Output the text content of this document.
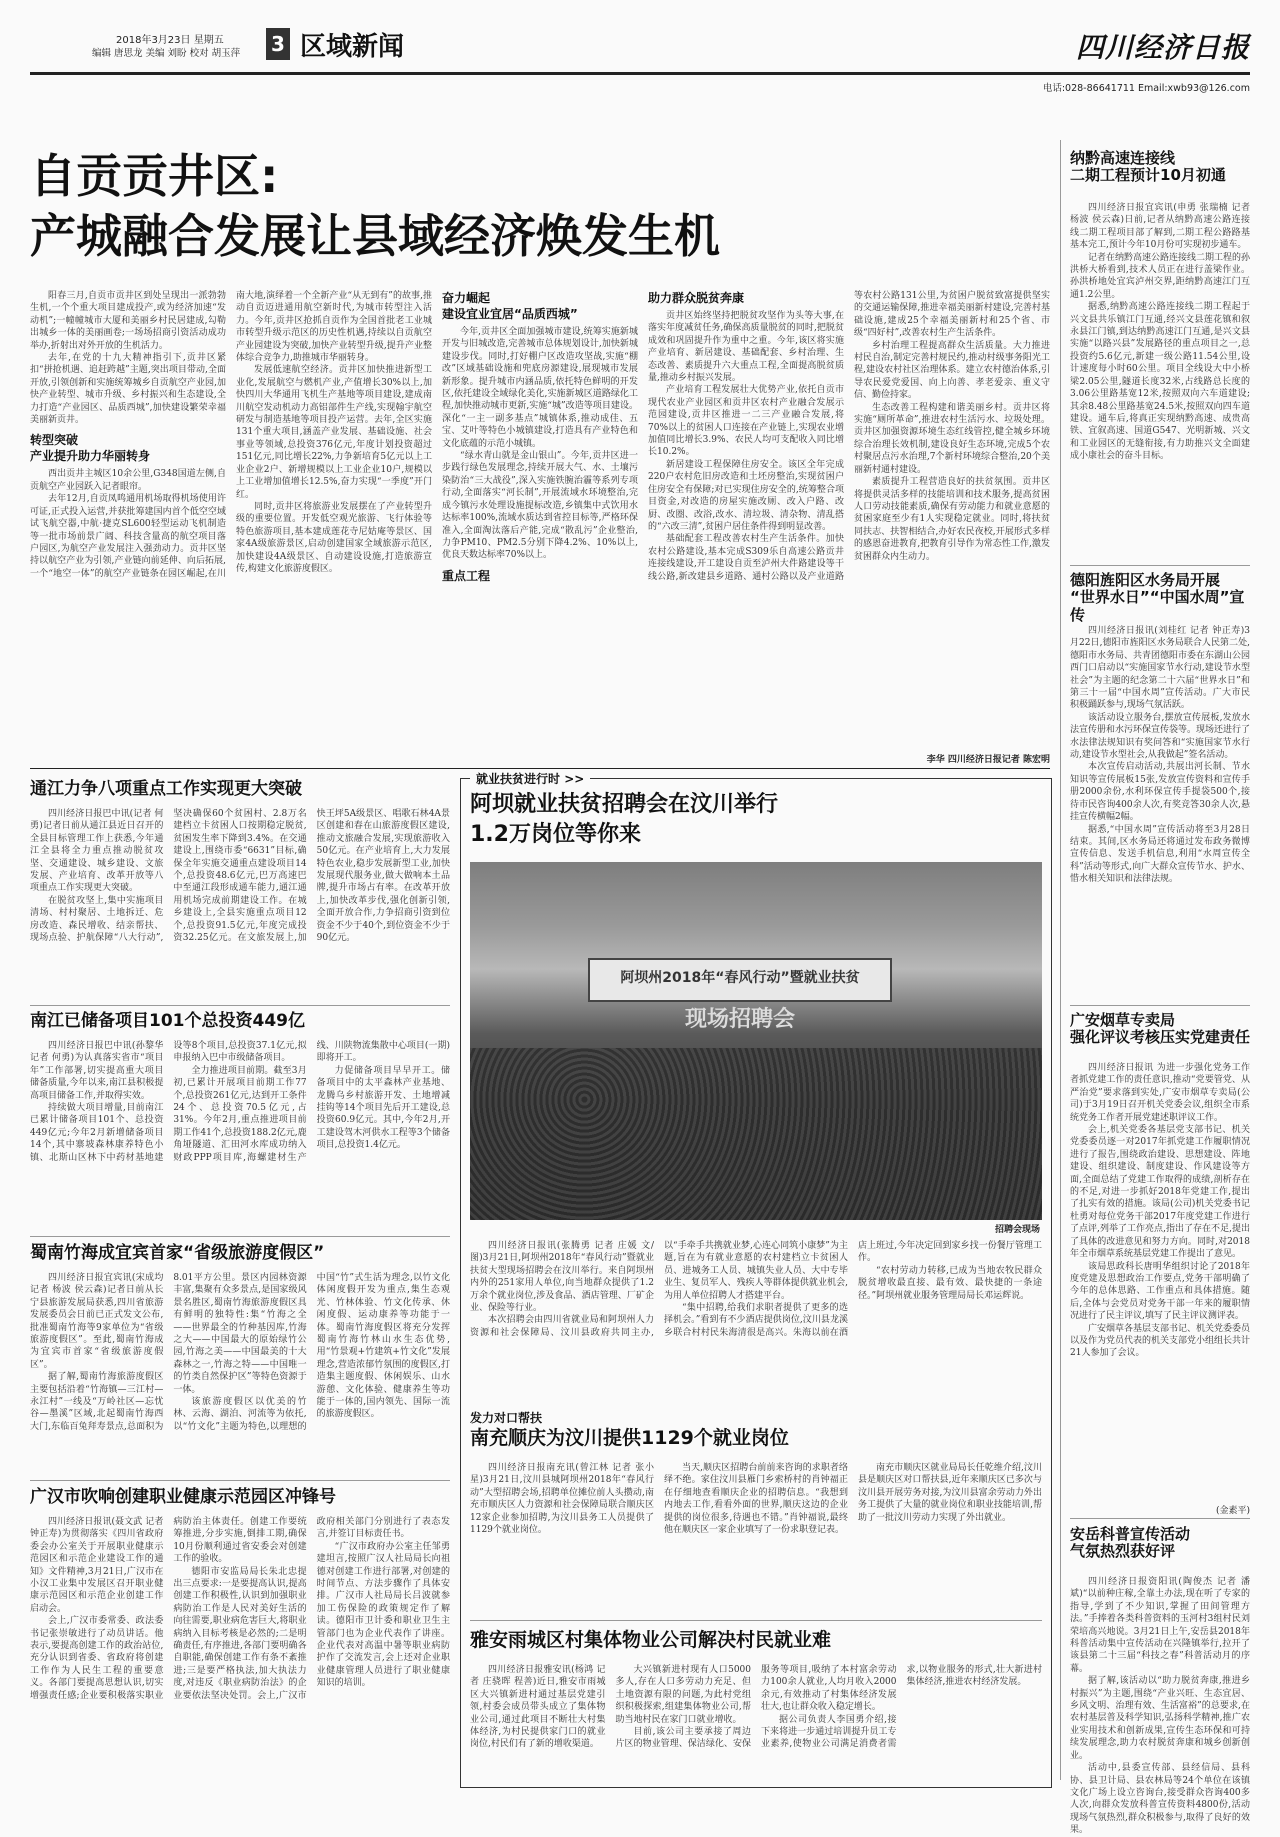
2018年3月23日 星期五
编辑 唐思龙 美编 刘盼 校对 胡玉萍	3 区域新闻	四川经济日报
电话:028-86641711 Email:xwb93@126.com
自贡贡井区:
产城融合发展让县域经济焕发生机

阳春三月,自贡市贡井区到处呈现出一派勃勃生机,一个个重大项目建成投产,或为经济加速“发动机”;一幢幢城市大厦和美丽乡村民居建成,勾勒出城乡一体的美丽画卷;一场场招商引资活动成功举办,折射出对外开放的生机活力。

去年,在党的十九大精神指引下,贡井区紧扣“拼抢机遇、追赶跨越”主题,突出项目带动,全面开放,引领创新和实施统筹城乡自贡航空产业园,加快产业转型、城市升级、乡村振兴和生态建设,全力打造“产业园区、品质西城”,加快建设繁荣幸福美丽新贡井。

转型突破
产业提升助力华丽转身

西出贡井主城区10余公里,G348国道左侧,自贡航空产业园跃入记者眼帘。

去年12月,自贡凤鸣通用机场取得机场使用许可证,正式投入运营,并获批筹建国内首个低空空域试飞航空器,中航·捷克SL600轻型运动飞机制造等一批市场前景广阔、科技含量高的航空项目落户园区,为航空产业发展注入强劲动力。贡井区坚持以航空产业为引领,产业链向前延伸、向后拓展,一个“地空一体”的航空产业链条在园区崛起,在川南大地,演绎着一个全新产业“从无到有”的故事,推动自贡迈进通用航空新时代,为城市转型注入活力。今年,贡井区抢抓自贡作为全国首批老工业城市转型升级示范区的历史性机遇,持续以自贡航空产业园建设为突破,加快产业转型升级,提升产业整体综合竞争力,助推城市华丽转身。

发展低速航空经济。贡井区加快推进新型工业化,发展航空与燃机产业,产值增长30%以上,加快四川大华通用飞机生产基地等项目建设,建成南川航空发动机动力高铝部件生产线,实现翰宇航空研发与制造基地等项目投产运营。去年,全区实施131个重大项目,涵盖产业发展、基础设施、社会事业等领域,总投资376亿元,年度计划投资超过151亿元,同比增长22%,力争新培育5亿元以上工业企业2户、新增规模以上工业企业10户,规模以上工业增加值增长12.5%,奋力实现“一季度”开门红。

同时,贡井区将旅游业发展摆在了产业转型升级的重要位置。开发低空观光旅游、飞行体验等特色旅游项目,基本建成莲花寺尼姑庵等景区、国家4A级旅游景区,启动创建国家全域旅游示范区,加快建设4A级景区、自动建设设施,打造旅游宣传,构建文化旅游度假区。

奋力崛起
建设宜业宜居“品质西城”

今年,贡井区全面加强城市建设,统筹实施新城开发与旧城改造,完善城市总体规划设计,加快新城建设步伐。同时,打好棚户区改造攻坚战,实施“棚改”区域基础设施和兜底房源建设,展现城市发展新形象。提升城市内涵品质,依托特色鲜明的开发区,依托建设全域绿化美化,实施新城区道路绿化工程,加快推动城市更新,实施“城”改造等项目建设。深化“一主一副多基点”城镇体系,推动成佳、五宝、艾叶等特色小城镇建设,打造具有产业特色和文化底蕴的示范小城镇。

“绿水青山就是金山银山”。今年,贡井区进一步践行绿色发展理念,持续开展大气、水、土壤污染防治“三大战役”,深入实施铁腕治霾等系列专项行动,全面落实“河长制”,开展流域水环境整治,完成今镇污水处理设施提标改造,乡镇集中式饮用水达标率100%,流域水质达到省控目标等,严格环保准入,全面淘汰落后产能,完成“散乱污”企业整治,力争PM10、PM2.5分别下降4.2%、10%以上,优良天数达标率70%以上。

重点工程
助力群众脱贫奔康

贡井区始终坚持把脱贫攻坚作为头等大事,在落实年度减贫任务,确保高质量脱贫的同时,把脱贫成效和巩固提升作为重中之重。今年,该区将实施产业培育、新居建设、基础配套、乡村治理、生态改善、素质提升六大重点工程,全面提高脱贫质量,推动乡村振兴发展。

产业培育工程发展壮大优势产业,依托自贡市现代农业产业园区和贡井区农村产业融合发展示范园建设,贡井区推进一二三产业融合发展,将70%以上的贫困人口连接在产业链上,实现农业增加值同比增长3.9%、农民人均可支配收入同比增长10.2%。

新居建设工程保障住房安全。该区全年完成220户农村危旧房改造和土坯房整治,实现贫困户住房安全有保障;对已实现住房安全的,统筹整合项目资金,对改造的房屋实施改厕、改入户路、改厨、改圈、改浴,改水、清垃圾、清杂物、清乱搭的“六改三清”,贫困户居住条件得到明显改善。

基础配套工程改善农村生产生活条件。加快农村公路建设,基本完成S309乐自高速公路贡井连接线建设,开工建设自贡至泸州大件路建设等干线公路,新改建县乡道路、通村公路以及产业道路等农村公路131公里,为贫困户脱贫致富提供坚实的交通运输保障,推进幸福美丽新村建设,完善村基础设施,建成25个幸福美丽新村和25个省、市级“四好村”,改善农村生产生活条件。

乡村治理工程提高群众生活质量。大力推进村民自治,制定完善村规民约,推动村级事务阳光工程,建设农村社区治理体系。建立农村德治体系,引导农民爱党爱国、向上向善、孝老爱亲、重义守信、勤俭持家。

生态改善工程构建和谐美丽乡村。贡井区将实施“厕所革命”,推进农村生活污水、垃圾处理。贡井区加强资源环境生态红线管控,健全城乡环境综合治理长效机制,建设良好生态环境,完成5个农村聚居点污水治理,7个新村环境综合整治,20个美丽新村通村建设。

素质提升工程营造良好的扶贫氛围。贡井区将提供灵活多样的技能培训和技术服务,提高贫困人口劳动技能素质,确保有劳动能力和就业意愿的贫困家庭至少有1人实现稳定就业。同时,将扶贫同扶志、扶智相结合,办好农民夜校,开展形式多样的感恩奋进教育,把教育引导作为常态性工作,激发贫困群众内生动力。

李华 四川经济日报记者 陈宏明
纳黔高速连接线
二期工程预计10月初通

四川经济日报宜宾讯(申勇 张瑞楠 记者 杨波 侯云森)日前,记者从纳黔高速公路连接线二期工程项目部了解到,二期工程公路路基基本完工,预计今年10月份可实现初步通车。

记者在纳黔高速公路连接线二期工程的孙洪桥大桥看到,技术人员正在进行盖梁作业。孙洪桥地处宜宾泸州交界,距纳黔高速江门互通1.2公里。

据悉,纳黔高速公路连接线二期工程起于兴文县共乐镇江门互通,经兴文县莲花镇和叙永县江门镇,到达纳黔高速江门互通,是兴文县实施“以路兴县”发展路径的重点项目之一,总投资约5.6亿元,新建一级公路11.54公里,设计速度每小时60公里。项目全线设大中小桥梁2.05公里,隧道长度32米,占线路总长度的3.06公里路基宽12米,按照双向六车道建设;其余8.48公里路基宽24.5米,按照双向四车道建设。通车后,将真正实现纳黔高速、成贵高铁、宜叙高速、国道G547、光明新城、兴文和工业园区的无缝衔接,有力助推兴文全面建成小康社会的奋斗目标。

德阳旌阳区水务局开展
“世界水日”“中国水周”宣传

四川经济日报讯(刘桂红 记者 钟正寿)3月22日,德阳市旌阳区水务局联合人民第二处,德阳市水务局、共青团德阳市委在东湖山公园西门口启动以“实施国家节水行动,建设节水型社会”为主题的纪念第二十六届“世界水日”和第三十一届“中国水周”宣传活动。广大市民积极踊跃参与,现场气氛活跃。

该活动设立服务台,摆放宣传展板,发放水法宣传册和水污环保宣传袋等。现场还进行了水法律法规知识有奖问答和“实施国家节水行动,建设节水型社会,从我做起”签名活动。

本次宣传启动活动,共展出河长制、节水知识等宣传展板15张,发放宣传资料和宣传手册2000余份,水利环保宣传手提袋500个,接待市民咨询400余人次,有奖竞答30余人次,悬挂宣传横幅2幅。

据悉,“中国水周”宣传活动将至3月28日结束。其间,区水务局还将通过发布政务微博宣传信息、发送手机信息,利用“水周宣传全科”活动等形式,向广大群众宣传节水、护水、惜水相关知识和法律法规。

广安烟草专卖局
强化评议考核压实党建责任

四川经济日报讯 为进一步强化党务工作者抓党建工作的责任意识,推动“党要管党、从严治党”要求落到实处,广安市烟草专卖局(公司)于3月19日召开机关党委会议,组织全市系统党务工作者开展党建述职评议工作。

会上,机关党委各基层党支部书记、机关党委委员逐一对2017年抓党建工作履职情况进行了报告,围绕政治建设、思想建设、阵地建设、组织建设、制度建设、作风建设等方面,全面总结了党建工作取得的成绩,剖析存在的不足,对进一步抓好2018年党建工作,提出了扎实有效的措施。该局(公司)机关党委书记杜勇对每位党务干部2017年度党建工作进行了点评,列举了工作亮点,指出了存在不足,提出了具体的改进意见和努力方向。同时,对2018年全市烟草系统基层党建工作提出了意见。

该局思政科长唐明华组织讨论了2018年度党建及思想政治工作要点,党务干部明确了今年的总体思路、工作重点和具体措施。随后,全体与会党员对党务干部一年来的履职情况进行了民主评议,填写了民主评议测评表。

广安烟草各基层支部书记、机关党委委员以及作为党员代表的机关支部党小组组长共计21人参加了会议。

(金素平)
安岳科普宣传活动
气氛热烈获好评

四川经济日报资阳讯(陶俊杰 记者 潘斌)“以前种庄稼,全靠土办法,现在听了专家的指导,学到了不少知识,掌握了田间管理方法。”手捧着各类科普资料的玉河村3组村民刘荣培高兴地说。3月21日上午,安岳县2018年科普活动集中宣传活动在兴隆镇举行,拉开了该县第二十三届“科技之春”科普活动月的序幕。

据了解,该活动以“助力脱贫奔康,推进乡村振兴”为主题,围绕“产业兴旺、生态宜居、乡风文明、治理有效、生活富裕”的总要求,在农村基层普及科学知识,弘扬科学精神,推广农业实用技术和创新成果,宣传生态环保和可持续发展理念,助力农村脱贫奔康和城乡创新创业。

活动中,县委宣传部、县经信局、县科协、县卫计局、县农林局等24个单位在该镇文化广场上设立咨询台,接受群众咨询400多人次,向群众发放科普宣传资料4800份,活动现场气氛热烈,群众积极参与,取得了良好的效果。

通江力争八项重点工作实现更大突破

四川经济日报巴中讯(记者 何勇)记者日前从通江县近日召开的全县目标管理工作上获悉,今年通江全县将全力重点推动脱贫攻坚、交通建设、城乡建设、文旅发展、产业培育、改革开放等八项重点工作实现更大突破。

在脱贫攻坚上,集中实施项目清场、村村聚居、土地拆迁、危房改造、森民增收、结亲帮扶、现场点验、护航保障“八大行动”,坚决确保60个贫困村、2.8万名建档立卡贫困人口按期稳定脱贫,贫困发生率下降到3.4%。在交通建设上,围绕市委“6631”目标,确保全年实施交通重点建设项目14个,总投资48.6亿元,巴万高速巴中至通江段形成通车能力,通江通用机场完成前期建设工作。在城乡建设上,全县实施重点项目12个,总投资91.5亿元,年度完成投资32.25亿元。在文旅发展上,加快王坪5A级景区、唱歌石林4A景区创建和春在山旅游度假区建设,推动文旅融合发展,实现旅游收入50亿元。在产业培育上,大力发展特色农业,稳步发展新型工业,加快发展现代服务业,做大做响本土品牌,提升市场占有率。在改革开放上,加快改革步伐,强化创新引领,全面开放合作,力争招商引资到位资金不少于40个,到位资金不少于90亿元。

南江已储备项目101个总投资449亿

四川经济日报巴中讯(孙黎华 记者 何勇)为认真落实省市“项目年”工作部署,切实提高重大项目储备质量,今年以来,南江县积极提高项目储备工作,并取得实效。

持续做大项目增量,目前南江已累计储备项目101个、总投资449亿元;今年2月新增储备项目14个,其中寨坡森林康养特色小镇、北斯山区林下中药材基地建设等8个项目,总投资37.1亿元,拟申报纳入巴中市级储备项目。

全力推进项目前期。截至3月初,已累计开展项目前期工作77个,总投资261亿元,达到开工条件24个、总投资70.5亿元,占31%。今年2月,重点推进项目前期工作41个,总投资188.2亿元,鹿角垭隧道、汇田河水库成功纳入财政PPP项目库,海螺建材生产线、川陕物流集散中心项目(一期)即将开工。

力促储备项目早早开工。储备项目中的太平森林产业基地、龙腾乌乡村旅游开发、土地增减挂钩等14个项目先后开工建设,总投资60.9亿元。其中,今年2月,开工建设驾木河供水工程等3个储备项目,总投资1.4亿元。

蜀南竹海成宜宾首家“省级旅游度假区”

四川经济日报宜宾讯(宋成均 记者 杨波 侯云森)记者日前从长宁县旅游发展局获悉,四川省旅游发展委员会日前已正式发文公布,批准蜀南竹海等9家单位为“省级旅游度假区”。至此,蜀南竹海成为宜宾市首家“省级旅游度假区”。

据了解,蜀南竹海旅游度假区主要包括沿着“竹海镇—三江村—永江村”一线及“万岭社区—忘忧谷—墨溪”区域,北起蜀南竹海西大门,东临百兔拜寿景点,总面积为8.01平方公里。景区内园林资源丰富,集聚有众多景点,是国家级风景名胜区,蜀南竹海旅游度假区具有鲜明的独特性:集“竹海之全——世界最全的竹种基因库,竹海之大——中国最大的原始绿竹公园,竹海之美——中国最美的十大森林之一,竹海之特——中国唯一的竹类自然保护区”等特色资源于一体。

该旅游度假区以优美的竹林、云海、湖泊、河流等为依托,以“竹文化”主题为特色,以理想的中国“竹”式生活为理念,以竹文化体闲度假开发为重点,集生态观光、竹林体验、竹文化传承、休闲度假、运动康养等功能于一体。蜀南竹海度假区将充分发挥蜀南竹海竹林山水生态优势,用“竹景观+竹建筑+竹文化”发展理念,营造浓郁竹氛围的度假区,打造集主题度假、休闲娱乐、山水游憩、文化体验、健康养生等功能于一体的,国内领先、国际一流的旅游度假区。

广汉市吹响创建职业健康示范园区冲锋号

四川经济日报讯(聂文武 记者 钟正寿)为贯彻落实《四川省政府委会办公室关于开展职业健康示范园区和示范企业建设工作的通知》文件精神,3月21日,广汉市在小汉工业集中发展区召开职业健康示范园区和示范企业创建工作启动会。

会上,广汉市委常委、政法委书记张崇敏进行了动员讲话。他表示,要提高创建工作的政治站位,充分认识到省委、省政府将创建工作作为人民生工程的重要意义。各部门要提高思想认识,切实增强责任感;企业要积极落实职业病防治主体责任。创建工作要统筹推进,分步实施,倒排工期,确保10月份顺利通过省安委会对创建工作的验收。

德阳市安监局局长朱北忠提出三点要求:一是要提高认识,提高创建工作积极性,认识到加强职业病防治工作是人民对美好生活的向往需要,职业病危害巨大,将职业病纳入目标考核是必然的;二是明确责任,有序推进,各部门要明确各自职能,确保创建工作有条不紊推进;三是要严格执法,加大执法力度,对违反《职业病防治法》的企业要依法坚决处罚。会上,广汉市政府相关部门分别进行了表态发言,并签订目标责任书。

“广汉市政府办公室主任邹勇建坦言,按照广汉人社局局长向祖德对创建工作进行部署,对创建的时间节点、方法步骤作了具体安排。广汉市人社局局长吕波就参加工伤保险的政策规定作了解读。德阳市卫计委和职业卫生主管部门也为企业代表作了讲座。企业代表对高温中暑等职业病防护作了交流发言,会上还对企业职业健康管理人员进行了职业健康知识的培训。

就业扶贫进行时 >>
阿坝就业扶贫招聘会在汶川举行
1.2万岗位等你来
阿坝州2018年“春风行动”暨就业扶贫
现场招聘会
招聘会现场

四川经济日报讯(张腾勇 记者 庄媛 文/图)3月21日,阿坝州2018年“春风行动”暨就业扶贫大型现场招聘会在汶川举行。来自阿坝州内外的251家用人单位,向当地群众提供了1.2万余个就业岗位,涉及食品、酒店管理、厂矿企业、保险等行业。

本次招聘会由四川省就业局和阿坝州人力资源和社会保障局、汶川县政府共同主办,以“手牵手共携就业梦,心连心同筑小康梦”为主题,旨在为有就业意愿的农村建档立卡贫困人员、进城务工人员、城镇失业人员、大中专毕业生、复员军人、残疾人等群体提供就业机会,为用人单位招聘人才搭建平台。

“集中招聘,给我们求职者提供了更多的选择机会。”看到有不少酒店提供岗位,汶川县龙溪乡联合村村民朱海清很是高兴。朱海以前在酒店上班过,今年决定回到家乡找一份餐厅管理工作。

“农村劳动力转移,已成为当地农牧民群众脱贫增收最直接、最有效、最快捷的一条途径。”阿坝州就业服务管理局局长邓运辉说。

发力对口帮扶
南充顺庆为汶川提供1129个就业岗位

四川经济日报南充讯(曾江林 记者 张小星)3月21日,汶川县城阿坝州2018年“春风行动”大型招聘会场,招聘单位摊位前人头攒动,南充市顺庆区人力资源和社会保障局联合顺庆区12家企业参加招聘,为汶川县务工人员提供了1129个就业岗位。

当天,顺庆区招聘台前前来咨询的求职者络绎不绝。家住汶川县雁门乡索桥村的肖钟福正在仔细地查看顺庆企业的招聘信息。“我想到内地去工作,看看外面的世界,顺庆这边的企业提供的岗位很多,待遇也不错。”肖钟福说,最终他在顺庆区一家企业填写了一份求职登记表。

南充市顺庆区就业局局长任乾维介绍,汶川县是顺庆区对口帮扶县,近年来顺庆区已多次与汶川县开展劳务对接,为汶川县富余劳动力外出务工提供了大量的就业岗位和职业技能培训,帮助了一批汶川劳动力实现了外出就业。

雅安雨城区村集体物业公司解决村民就业难

四川经济日报雅安讯(杨鸿 记者 庄骁晖 程善)近日,雅安市雨城区大兴镇新进村通过基层党建引领,村委会成员带头成立了集体物业公司,通过此项目不断壮大村集体经济,为村民提供家门口的就业岗位,村民们有了新的增收渠道。

大兴镇新进村现有人口5000多人,存在人口多劳动力充足、但土地资源有限的问题,为此村党组织积极探索,组建集体物业公司,帮助当地村民在家门口就业增收。

目前,该公司主要承接了周边片区的物业管理、保洁绿化、安保服务等项目,吸纳了本村富余劳动力100余人就业,人均月收入2000余元,有效推动了村集体经济发展壮大,也让群众收入稳定增长。

据公司负责人李国勇介绍,接下来将进一步通过培训提升员工专业素养,使物业公司满足消费者需求,以物业服务的形式,壮大新进村集体经济,推进农村经济发展。
